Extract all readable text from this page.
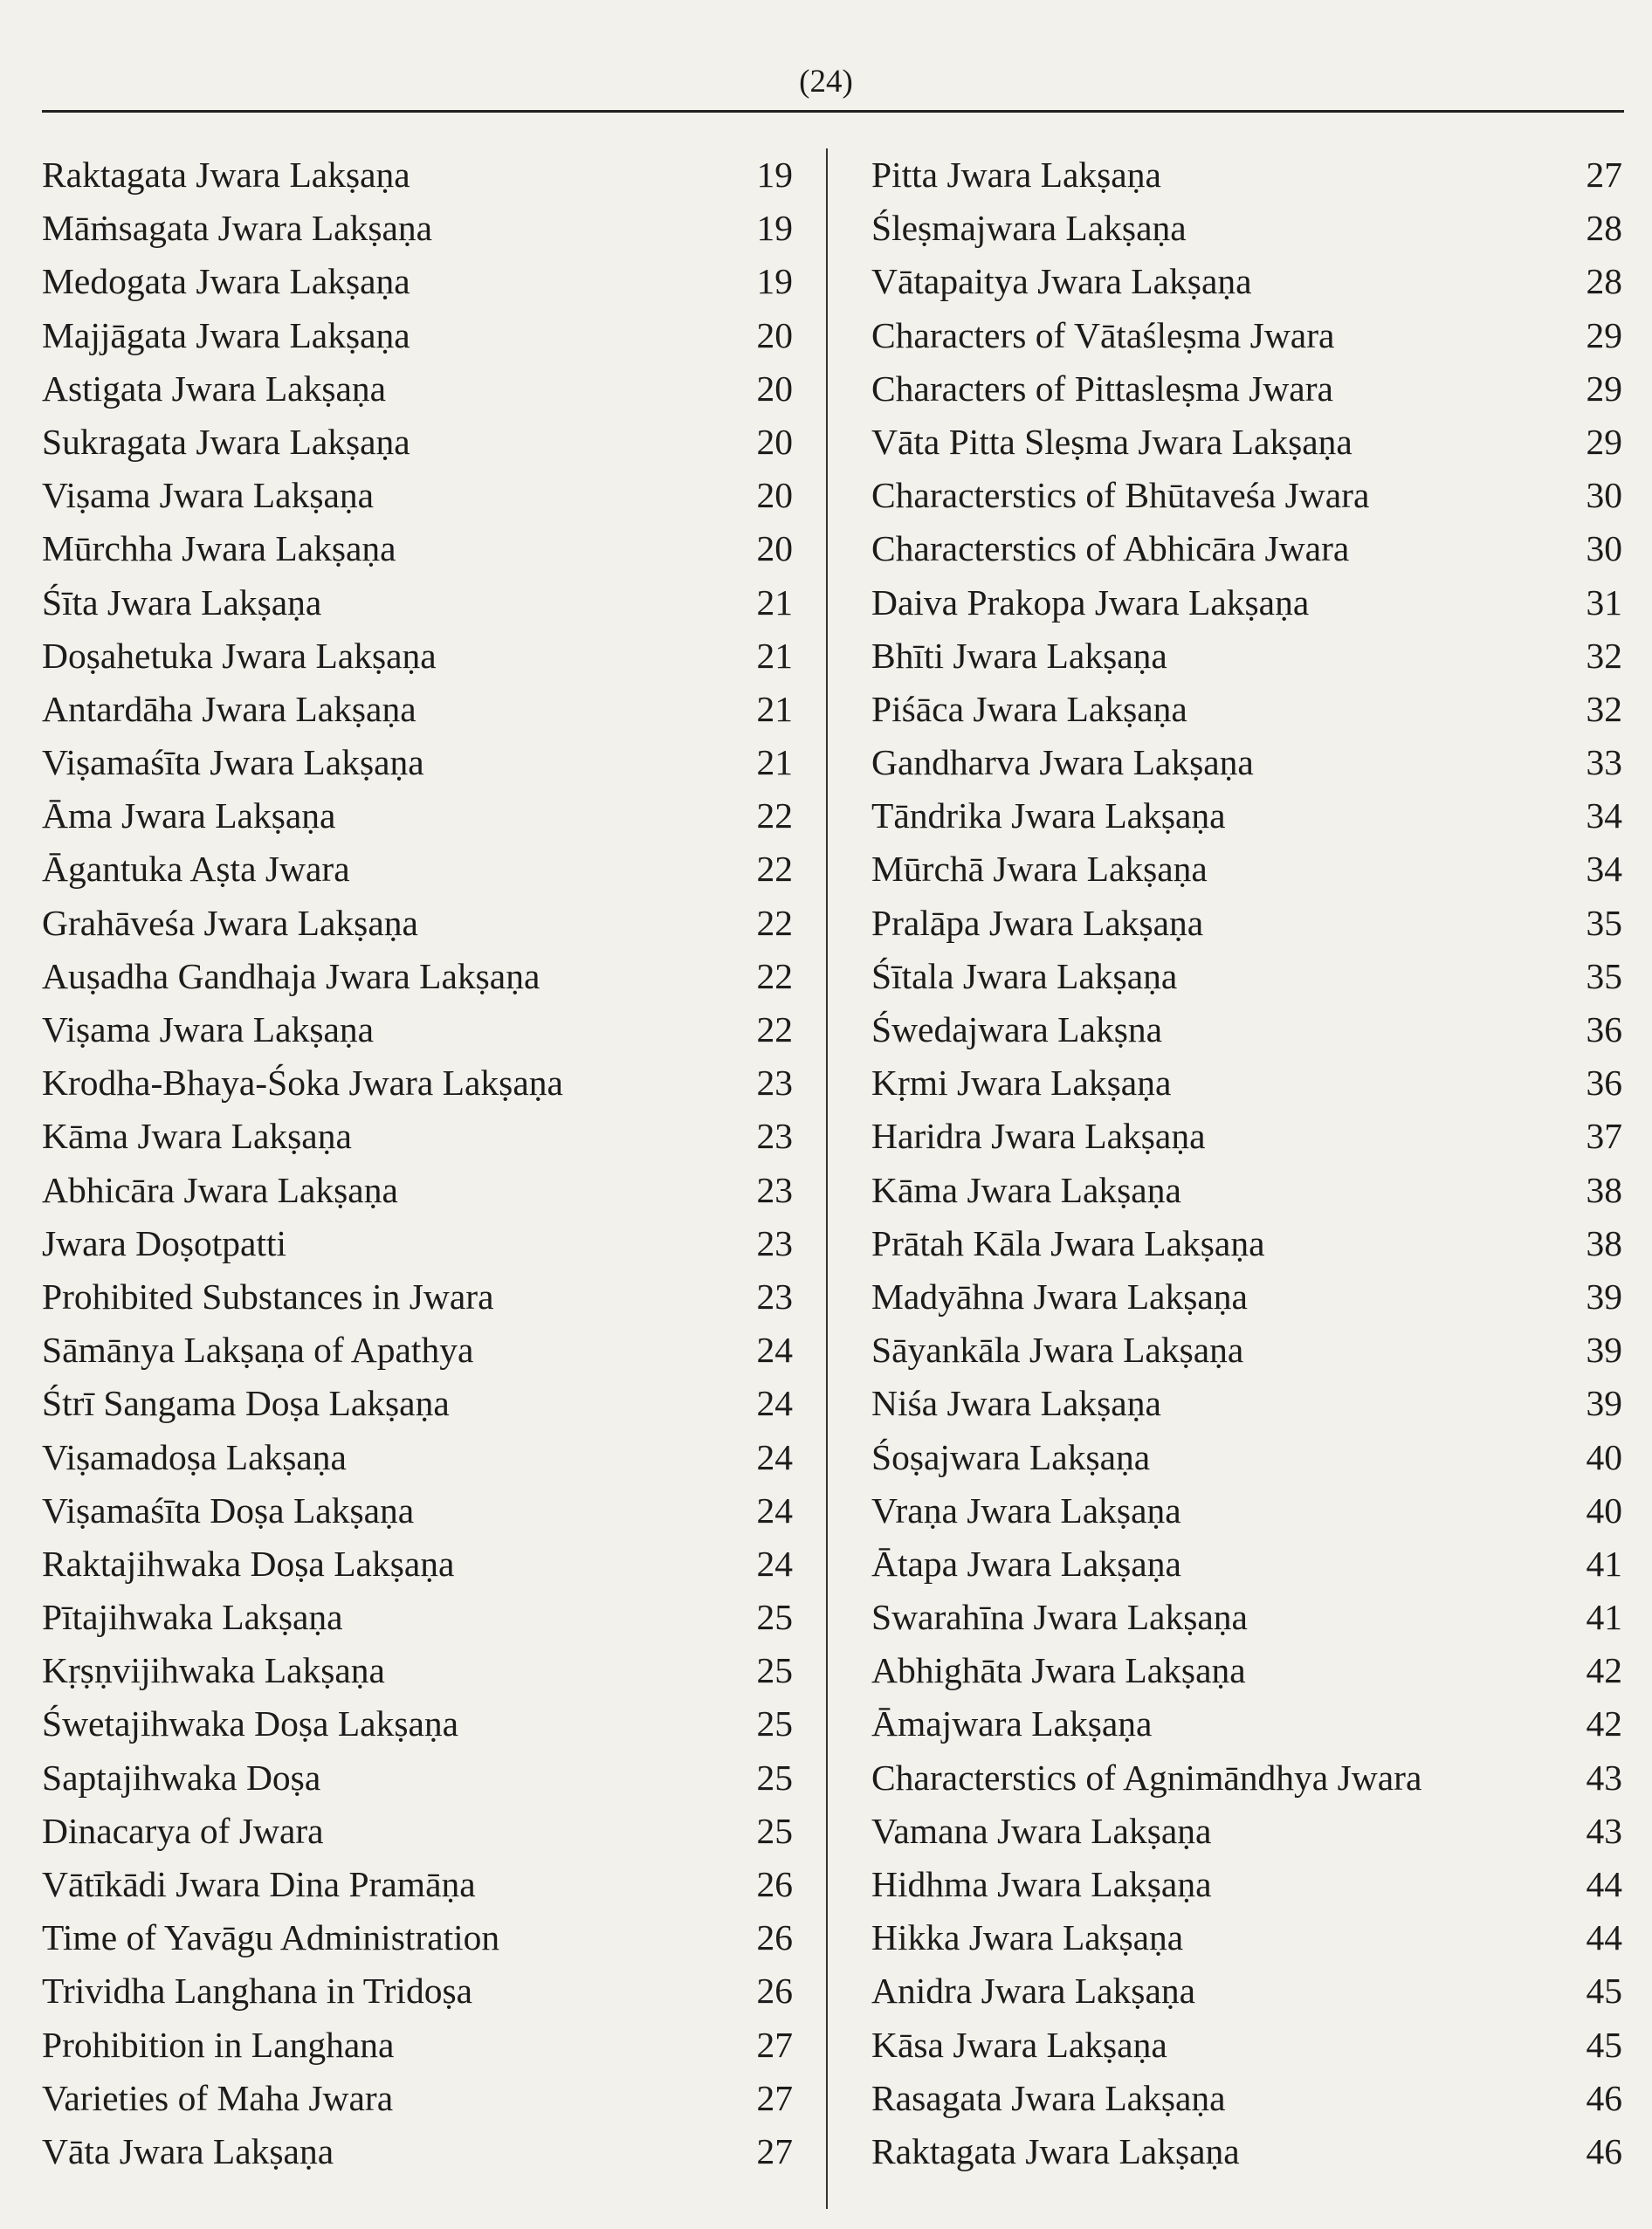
(24)
Raktagata Jwara Lakṣaṇa	19
Māṁsagata Jwara Lakṣaṇa	19
Medogata Jwara Lakṣaṇa	19
Majjāgata Jwara Lakṣaṇa	20
Astigata Jwara Lakṣaṇa	20
Sukragata Jwara Lakṣaṇa	20
Viṣama Jwara Lakṣaṇa	20
Mūrchha Jwara Lakṣaṇa	20
Śīta Jwara Lakṣaṇa	21
Doṣahetuka Jwara Lakṣaṇa	21
Antardāha Jwara Lakṣaṇa	21
Viṣamaśīta Jwara Lakṣaṇa	21
Āma Jwara Lakṣaṇa	22
Āgantuka Aṣta Jwara	22
Grahāveśa Jwara Lakṣaṇa	22
Auṣadha Gandhaja Jwara Lakṣaṇa	22
Viṣama Jwara Lakṣaṇa	22
Krodha-Bhaya-Śoka Jwara Lakṣaṇa	23
Kāma Jwara Lakṣaṇa	23
Abhicāra Jwara Lakṣaṇa	23
Jwara Doṣotpatti	23
Prohibited Substances in Jwara	23
Sāmānya Lakṣaṇa of Apathya	24
Śtrī Sangama Doṣa Lakṣaṇa	24
Viṣamadoṣa Lakṣaṇa	24
Viṣamaśīta Doṣa Lakṣaṇa	24
Raktajihwaka Doṣa Lakṣaṇa	24
Pītajihwaka Lakṣaṇa	25
Kṛṣṇvijihwaka Lakṣaṇa	25
Śwetajihwaka Doṣa Lakṣaṇa	25
Saptajihwaka Doṣa	25
Dinacarya of Jwara	25
Vātīkādi Jwara Dina Pramāṇa	26
Time of Yavāgu Administration	26
Trividha Langhana in Tridoṣa	26
Prohibition in Langhana	27
Varieties of Maha Jwara	27
Vāta Jwara Lakṣaṇa	27
Pitta Jwara Lakṣaṇa	27
Śleṣmajwara Lakṣaṇa	28
Vātapaitya Jwara Lakṣaṇa	28
Characters of Vātaśleṣma Jwara	29
Characters of Pittasleṣma Jwara	29
Vāta Pitta Sleṣma Jwara Lakṣaṇa	29
Characterstics of Bhūtaveśa Jwara	30
Characterstics of Abhicāra Jwara	30
Daiva Prakopa Jwara Lakṣaṇa	31
Bhīti Jwara Lakṣaṇa	32
Piśāca Jwara Lakṣaṇa	32
Gandharva Jwara Lakṣaṇa	33
Tāndrika Jwara Lakṣaṇa	34
Mūrchā Jwara Lakṣaṇa	34
Pralāpa Jwara Lakṣaṇa	35
Śītala Jwara Lakṣaṇa	35
Śwedajwara Lakṣna	36
Kṛmi Jwara Lakṣaṇa	36
Haridra Jwara Lakṣaṇa	37
Kāma Jwara Lakṣaṇa	38
Prātah Kāla Jwara Lakṣaṇa	38
Madyāhna Jwara Lakṣaṇa	39
Sāyankāla Jwara Lakṣaṇa	39
Niśa Jwara Lakṣaṇa	39
Śoṣajwara Lakṣaṇa	40
Vraṇa Jwara Lakṣaṇa	40
Ātapa Jwara Lakṣaṇa	41
Swarahīna Jwara Lakṣaṇa	41
Abhighāta Jwara Lakṣaṇa	42
Āmajwara Lakṣaṇa	42
Characterstics of Agnimāndhya Jwara	43
Vamana Jwara Lakṣaṇa	43
Hidhma Jwara Lakṣaṇa	44
Hikka Jwara Lakṣaṇa	44
Anidra Jwara Lakṣaṇa	45
Kāsa Jwara Lakṣaṇa	45
Rasagata Jwara Lakṣaṇa	46
Raktagata Jwara Lakṣaṇa	46
